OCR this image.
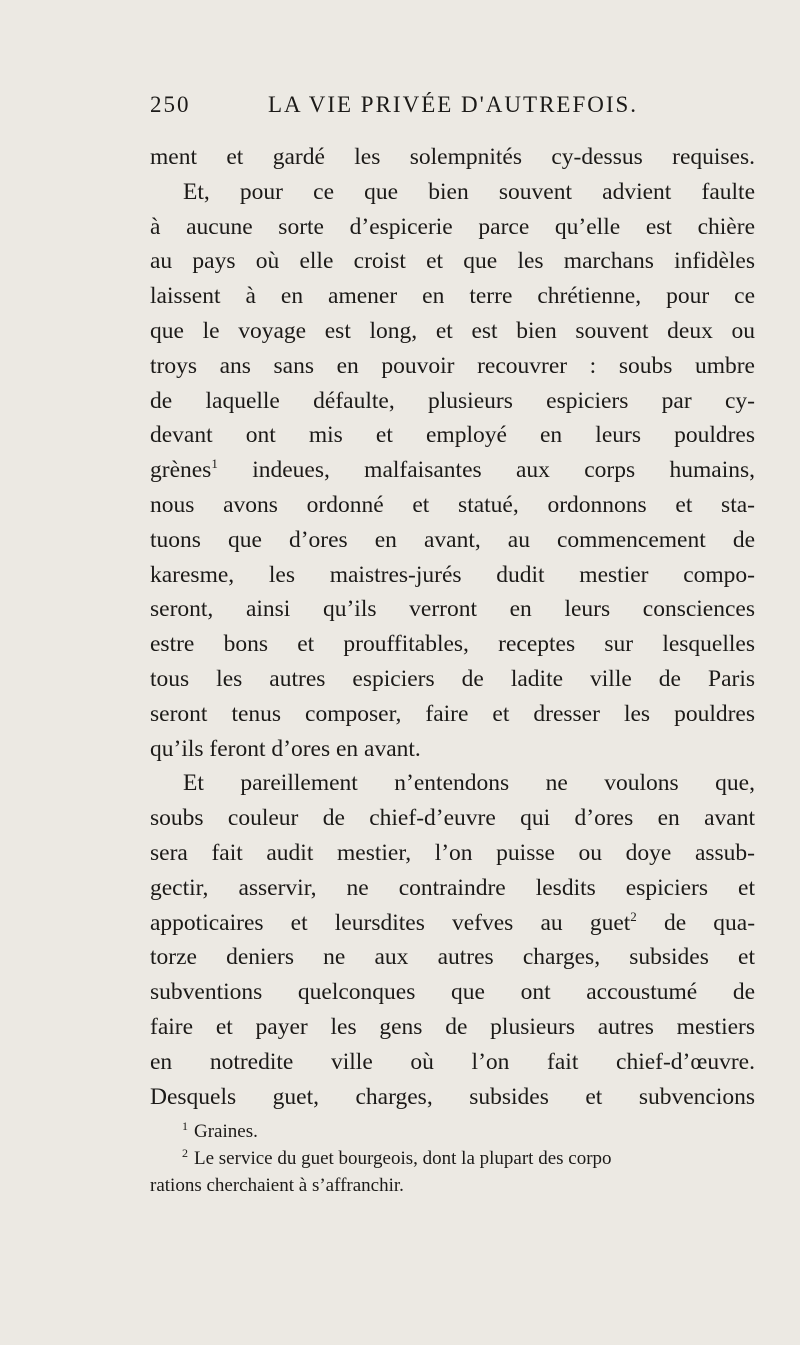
250	LA VIE PRIVÉE D'AUTREFOIS.
ment et gardé les solempnités cy-dessus requises.
Et, pour ce que bien souvent advient faulte
à aucune sorte d’espicerie parce qu’elle est chière
au pays où elle croist et que les marchans infidèles
laissent à en amener en terre chrétienne, pour ce
que le voyage est long, et est bien souvent deux ou
troys ans sans en pouvoir recouvrer : soubs umbre
de laquelle défaulte, plusieurs espiciers par cy-
devant ont mis et employé en leurs pouldres
grènes$^1$ indeues, malfaisantes aux corps humains,
nous avons ordonné et statué, ordonnons et sta-
tuons que d’ores en avant, au commencement de
karesme, les maistres-jurés dudit mestier compo-
seront, ainsi qu’ils verront en leurs consciences
estre bons et prouffitables, receptes sur lesquelles
tous les autres espiciers de ladite ville de Paris
seront tenus composer, faire et dresser les pouldres
qu’ils feront d’ores en avant.
Et pareillement n’entendons ne voulons que,
soubs couleur de chief-d’euvre qui d’ores en avant
sera fait audit mestier, l’on puisse ou doye assub-
gectir, asservir, ne contraindre lesdits espiciers et
appoticaires et leursdites vefves au guet$^2$ de qua-
torze deniers ne aux autres charges, subsides et
subventions quelconques que ont accoustumé de
faire et payer les gens de plusieurs autres mestiers
en notredite ville où l’on fait chief-d’œuvre.
Desquels guet, charges, subsides et subvencions
$^1$ Graines.
$^2$ Le service du guet bourgeois, dont la plupart des corpo
rations cherchaient à s’affranchir.
